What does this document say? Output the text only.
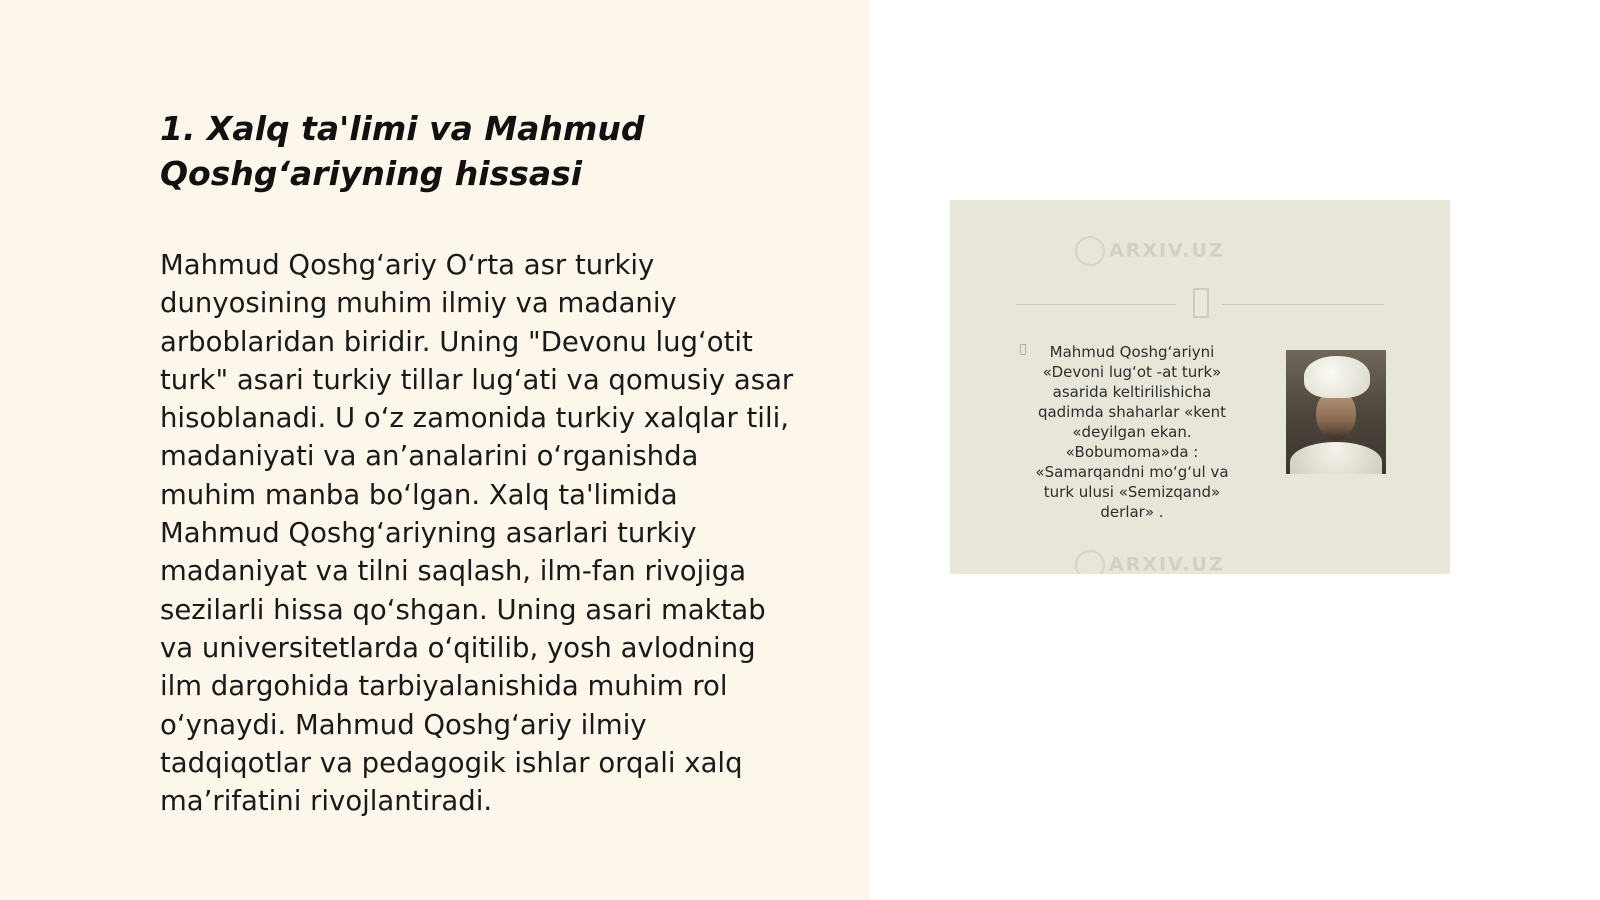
1. Xalq ta'limi va Mahmud
Qoshg‘ariyning hissasi

Mahmud Qoshg‘ariy O‘rta asr turkiy
dunyosining muhim ilmiy va madaniy
arboblaridan biridir. Uning "Devonu lug‘otit
turk" asari turkiy tillar lug‘ati va qomusiy asar
hisoblanadi. U o‘z zamonida turkiy xalqlar tili,
madaniyati va an’analarini o‘rganishda
muhim manba bo‘lgan. Xalq ta'limida
Mahmud Qoshg‘ariyning asarlari turkiy
madaniyat va tilni saqlash, ilm-fan rivojiga
sezilarli hissa qo‘shgan. Uning asari maktab
va universitetlarda o‘qitilib, yosh avlodning
ilm dargohida tarbiyalanishida muhim rol
o‘ynaydi. Mahmud Qoshg‘ariy ilmiy
tadqiqotlar va pedagogik ishlar orqali xalq
ma’rifatini rivojlantiradi.

ARXIV.UZ
Mahmud Qoshg‘ariyni
«Devoni lug‘ot -at turk»
asarida keltirilishicha
qadimda shaharlar «kent
«deyilgan ekan.
«Bobumoma»da :
«Samarqandni mo‘g‘ul va
turk ulusi «Semizqand»
derlar» .
ARXIV.UZ
